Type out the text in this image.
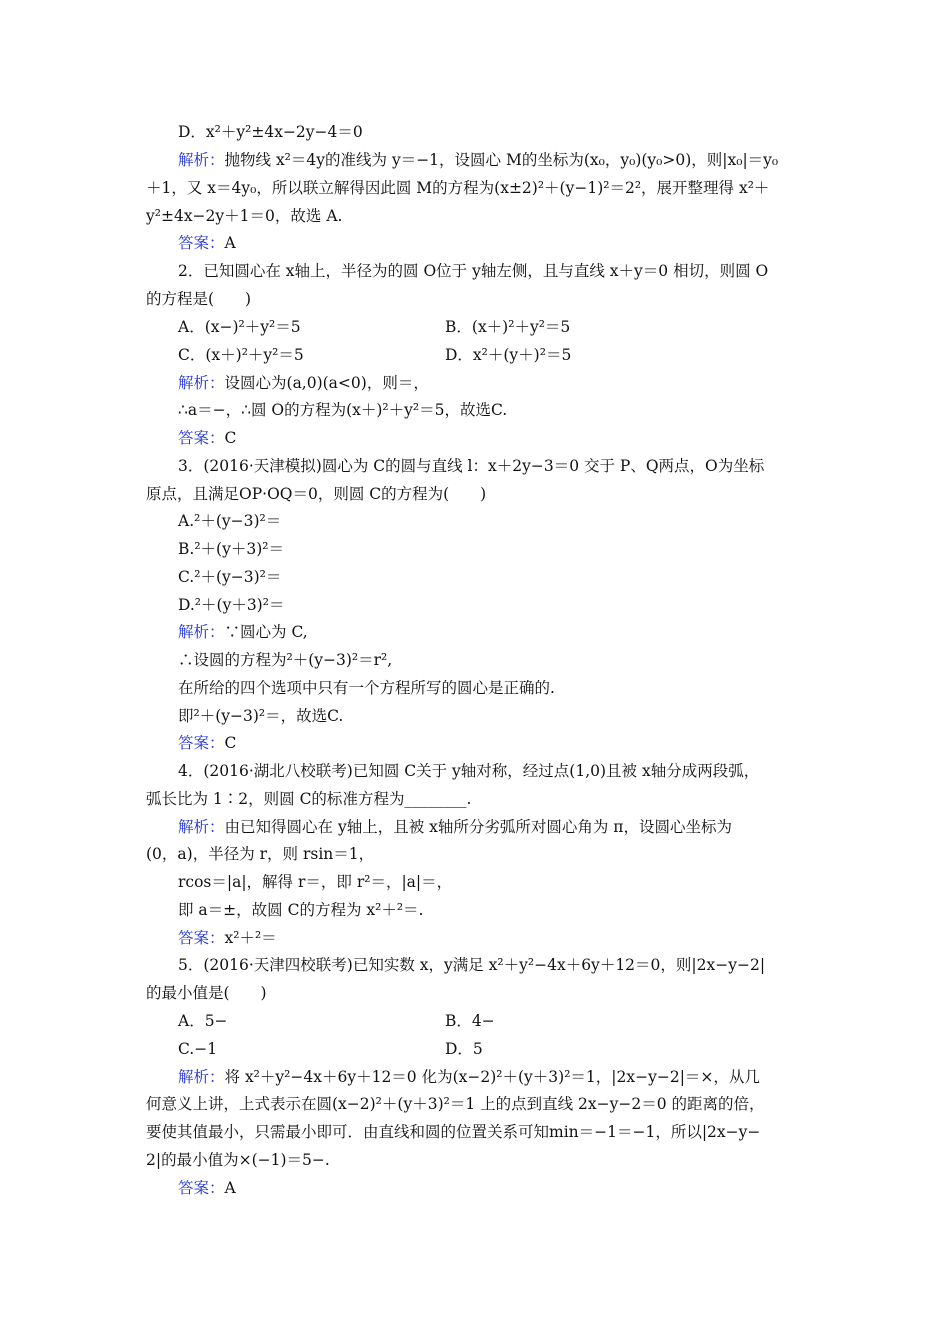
D．x²＋y²±4x−2y−4＝0
解析：抛物线 x²＝4y的准线为 y＝−1，设圆心 M的坐标为(x₀，y₀)(y₀>0)，则|x₀|＝y₀
＋1，又 x＝4y₀，所以联立解得因此圆 M的方程为(x±2)²＋(y−1)²＝2²，展开整理得 x²＋
y²±4x−2y＋1＝0，故选 A.
答案：A
2．已知圆心在 x轴上，半径为的圆 O位于 y轴左侧，且与直线 x＋y＝0 相切，则圆 O
的方程是(　　)
A．(x−)²＋y²＝5	B．(x＋)²＋y²＝5
C．(x＋)²＋y²＝5	D．x²＋(y＋)²＝5
解析：设圆心为(a,0)(a<0)，则＝，
∴a＝−，∴圆 O的方程为(x＋)²＋y²＝5，故选C.
答案：C
3．(2016·天津模拟)圆心为 C的圆与直线 l：x＋2y−3＝0 交于 P、Q两点，O为坐标
原点，且满足OP·OQ＝0，则圆 C的方程为(　　)
A.²＋(y−3)²＝
B.²＋(y＋3)²＝
C.²＋(y−3)²＝
D.²＋(y＋3)²＝
解析：∵圆心为 C,
∴设圆的方程为²＋(y−3)²＝r²,
在所给的四个选项中只有一个方程所写的圆心是正确的.
即²＋(y−3)²＝，故选C.
答案：C
4．(2016·湖北八校联考)已知圆 C关于 y轴对称，经过点(1,0)且被 x轴分成两段弧，
弧长比为 1∶2，则圆 C的标准方程为________.
解析：由已知得圆心在 y轴上，且被 x轴所分劣弧所对圆心角为 π，设圆心坐标为
(0，a)，半径为 r，则 rsin＝1，
rcos＝|a|，解得 r＝，即 r²＝，|a|＝，
即 a＝±，故圆 C的方程为 x²＋²＝.
答案：x²＋²＝
5．(2016·天津四校联考)已知实数 x，y满足 x²＋y²−4x＋6y＋12＝0，则|2x−y−2|
的最小值是(　　)
A．5−	B．4−
C.−1	D．5
解析：将 x²＋y²−4x＋6y＋12＝0 化为(x−2)²＋(y＋3)²＝1，|2x−y−2|＝×，从几
何意义上讲，上式表示在圆(x−2)²＋(y＋3)²＝1 上的点到直线 2x−y−2＝0 的距离的倍，
要使其值最小，只需最小即可．由直线和圆的位置关系可知min＝−1＝−1，所以|2x−y−
2|的最小值为×(−1)＝5−.
答案：A
